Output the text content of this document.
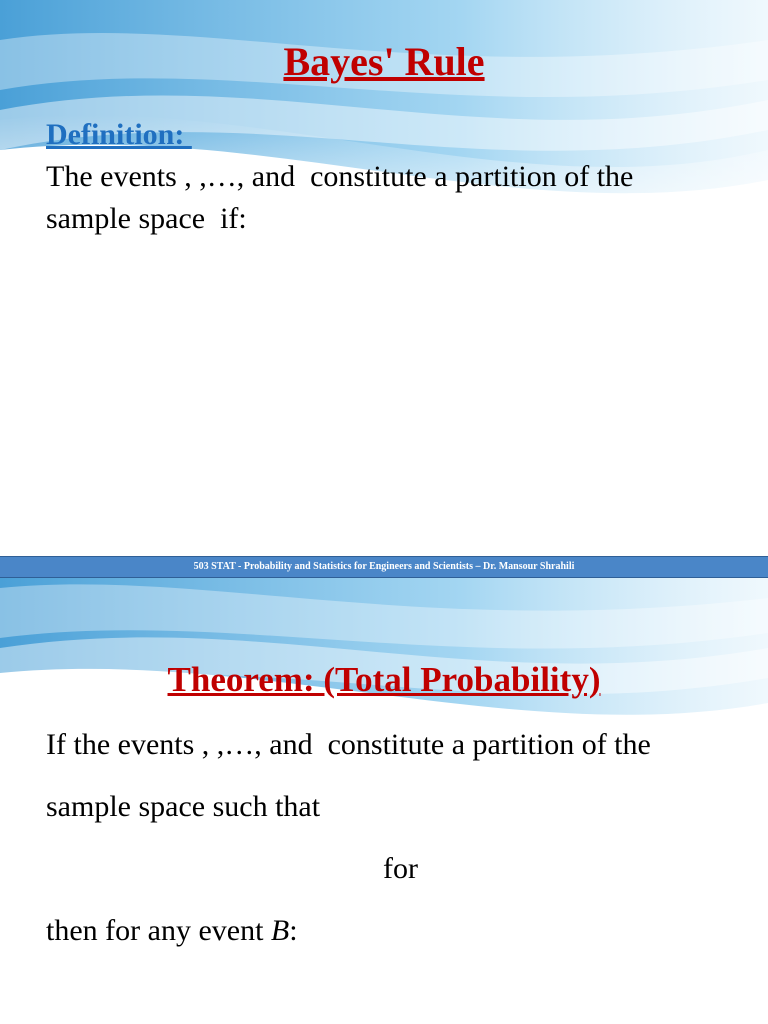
Bayes' Rule
Definition:
The events , ,…, and  constitute a partition of the
sample space  if:
503 STAT - Probability and Statistics for Engineers and Scientists – Dr. Mansour Shrahili
Theorem: (Total Probability)
If the events , ,…, and  constitute a partition of the
sample space such that
for
then for any event B:
